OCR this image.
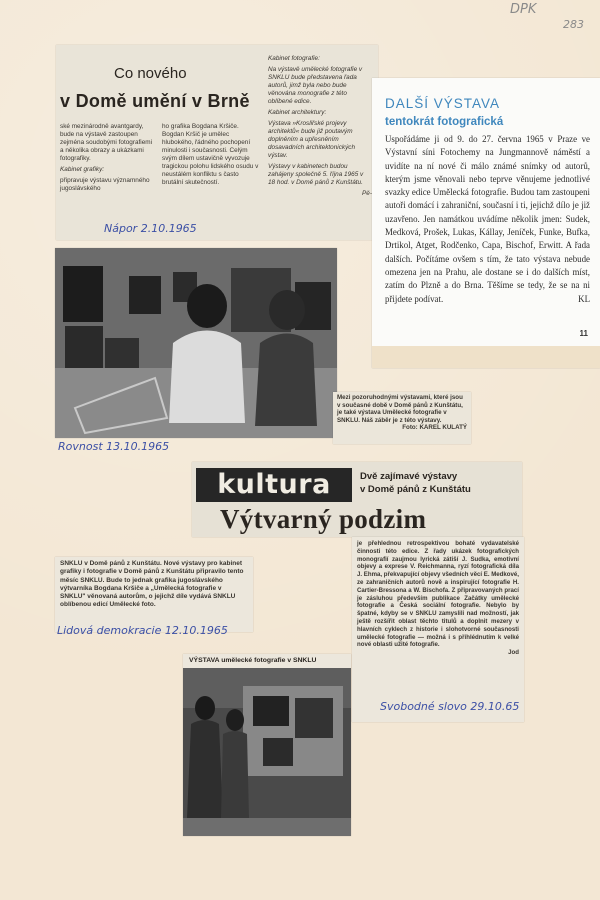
DPK
283
Co nového
v Domě umění v Brně

ské mezinárodně avantgardy, bude na výstavě zastoupen zejména soudobými fotografiemi a několika obrazy a ukázkami fotografiky.

Kabinet grafiky:

připravuje výstavu významného jugoslávského

ho grafika Bogdana Kršiče. Bogdan Kršič je umělec hlubokého, řádného pochopení minulosti i současnosti. Celým svým dílem ustavičně vyvozuje tragickou polohu lidského osudu v neustálém konfliktu s často brutální skutečností.

Kabinet fotografie:

Na výstavě umělecké fotografie v SNKLU bude představena řada autorů, jimž byla nebo bude věnována monografie z této oblíbené edice.

Kabinet architektury:

Výstava »Krosliřské projevy architektů« bude již poutavým doplněním a upřesněním dosavadních architektonických výstav.

Výstavy v kabinetech budou zahájeny společně 5. října 1965 v 18 hod. v Domě pánů z Kunštátu.

Pě-

Nápor 2.10.1965
DALŠÍ VÝSTAVA
tentokrát fotografická
Uspořádáme ji od 9. do 27. června 1965 v Praze ve Výstavní síni Fotochemy na Jungmannově náměstí a uvidíte na ní nové či málo známé snímky od autorů, kterým jsme věnovali nebo teprve věnujeme jednotlivé svazky edice Umělecká fotografie. Budou tam zastoupeni autoři domácí i zahraniční, současní i ti, jejichž dílo je již uzavřeno. Jen namátkou uvádíme několik jmen: Sudek, Medková, Prošek, Lukas, Kállay, Jeníček, Funke, Bufka, Drtikol, Atget, Rodčenko, Capa, Bischof, Erwitt. A řada dalších. Počítáme ovšem s tím, že tato výstava nebude omezena jen na Prahu, ale dostane se i do dalších míst, zatím do Plzně a do Brna. Těšíme se tedy, že se na ni přijdete podívat.	KL
11
Rovnost 13.10.1965
Mezi pozoruhodnými výstavami, které jsou v současné době v Domě pánů z Kunštátu, je také výstava Umělecké fotografie v SNKLU. Náš záběr je z této výstavy.
Foto: KAREL KULATÝ
kultura	Dvě zajímavé výstavy
v Domě pánů z Kunštátu
Výtvarný podzim
SNKLU v Domě pánů z Kunštátu. Nové výstavy pro kabinet grafiky i fotografie v Domě pánů z Kunštátu připravilo tento měsíc SNKLU. Bude to jednak grafika jugoslávského výtvarníka Bogdana Kršiče a „Umělecká fotografie v SNKLU" věnovaná autorům, o jejichž díle vydává SNKLU oblíbenou edicí Umělecké foto.
Lidová demokracie 12.10.1965
je přehlednou retrospektivou bohaté vydavatelské činnosti této edice. Z řady ukázek fotografických monografií zaujmou lyrická zátiší J. Sudka, emotivní objevy a exprese V. Reichmanna, ryzí fotografická díla J. Ehma, překvapující objevy všedních věcí E. Medkové, ze zahraničních autorů nově a inspirující fotografie H. Cartier-Bressona a W. Bischofa. Z připravovaných prací je zásluhou především publikace Začátky umělecké fotografie a Česká sociální fotografie. Nebylo by špatné, kdyby se v SNKLU zamyslili nad možností, jak ještě rozšířit oblast těchto titulů a doplnit mezery v hlavních cyklech z historie i slohotvorné současnosti umělecké fotografie — možná i s příhlédnutím k velké nové oblasti užité fotografie.
Jod
Svobodné slovo 29.10.65
VÝSTAVA umělecké fotografie v SNKLU
